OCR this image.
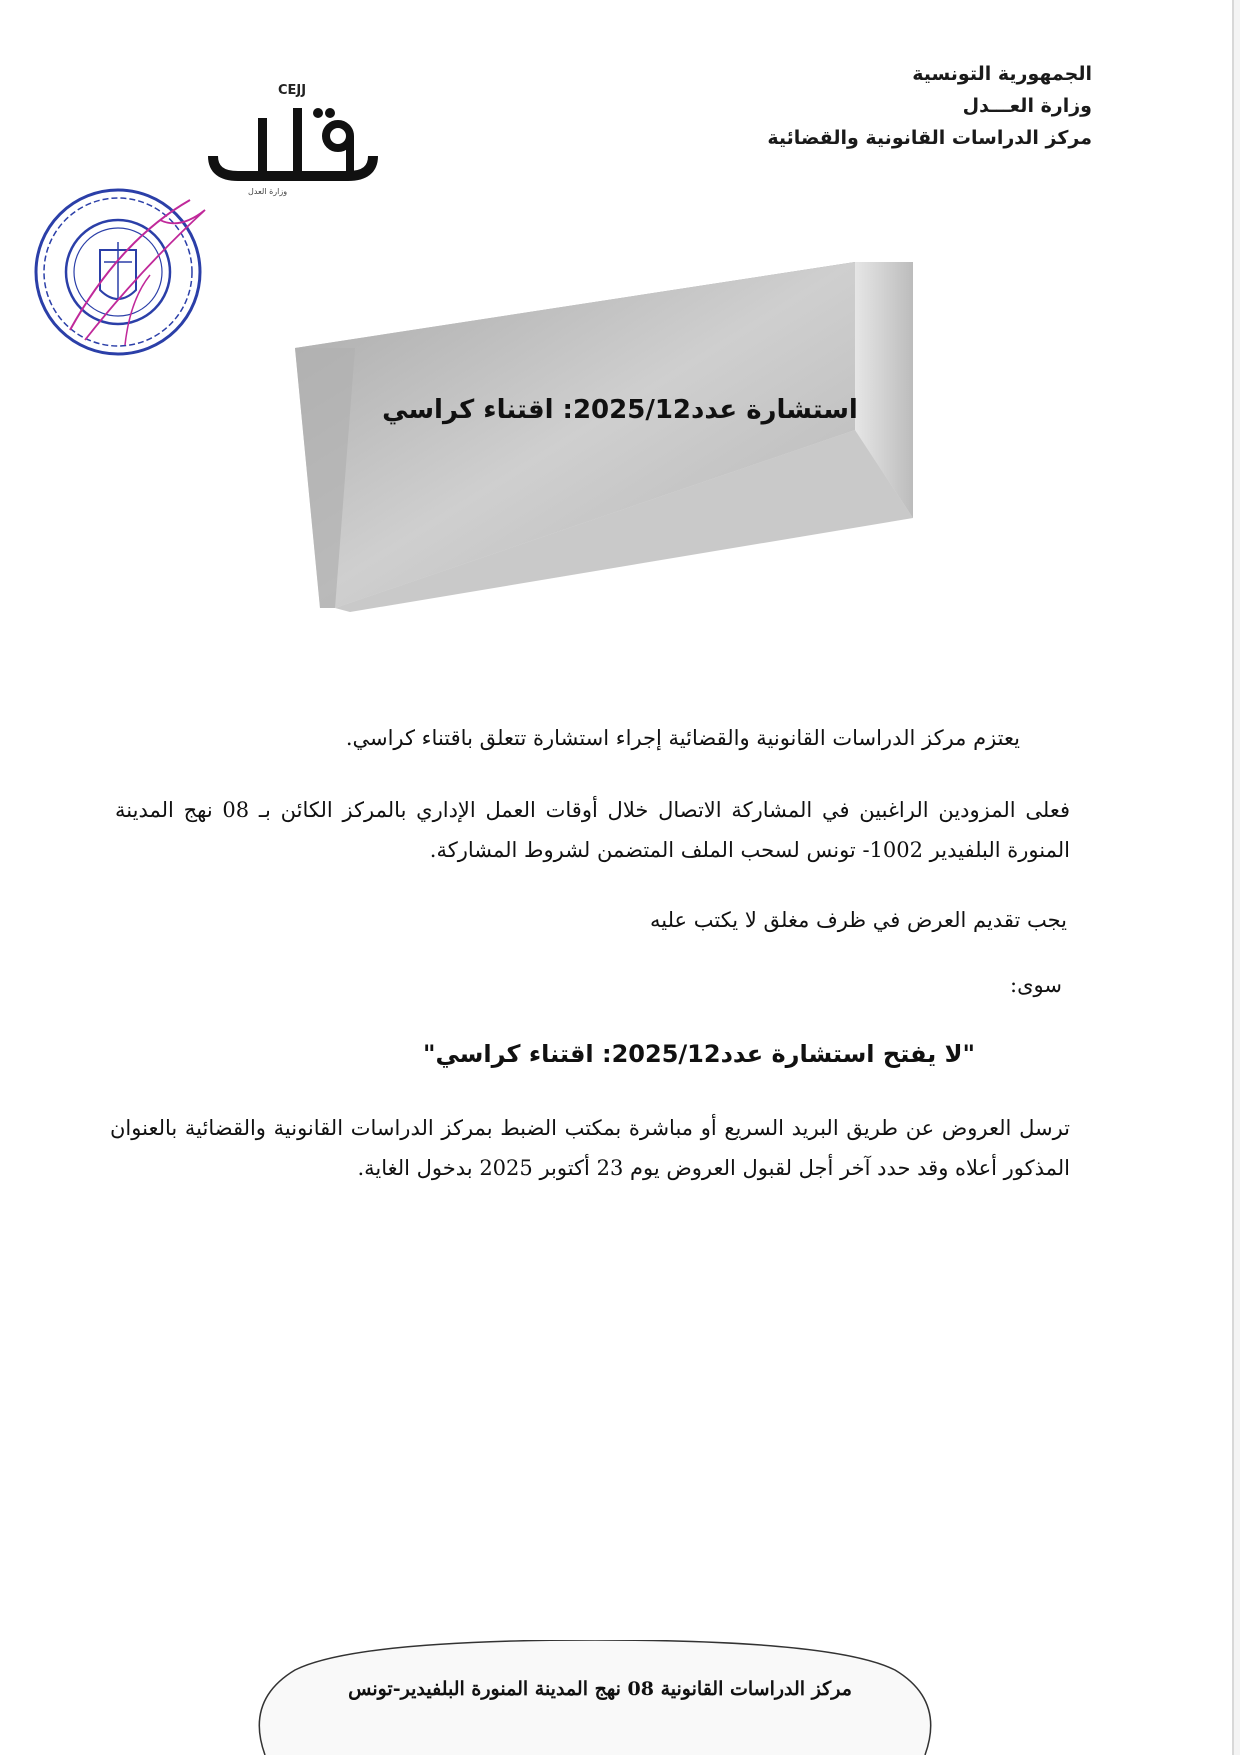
الجمهورية التونسية
وزارة العـــدل
مركز الدراسات القانونية والقضائية
CEJJ
وزارة العدل
استشارة عدد2025/12: اقتناء كراسي
يعتزم مركز الدراسات القانونية والقضائية إجراء استشارة تتعلق باقتناء كراسي.
فعلى المزودين الراغبين في المشاركة الاتصال خلال أوقات العمل الإداري بالمركز الكائن بـ 08 نهج المدينة المنورة البلفيدير 1002- تونس لسحب الملف المتضمن لشروط المشاركة.
يجب تقديم العرض في ظرف مغلق لا يكتب عليه
سوى:
"لا يفتح استشارة عدد2025/12: اقتناء كراسي"
ترسل العروض عن طريق البريد السريع أو مباشرة بمكتب الضبط بمركز الدراسات القانونية والقضائية بالعنوان المذكور أعلاه وقد حدد آخر أجل لقبول العروض يوم 23 أكتوبر 2025 بدخول الغاية.
مركز الدراسات القانونية 08 نهج المدينة المنورة البلفيدير-تونس
